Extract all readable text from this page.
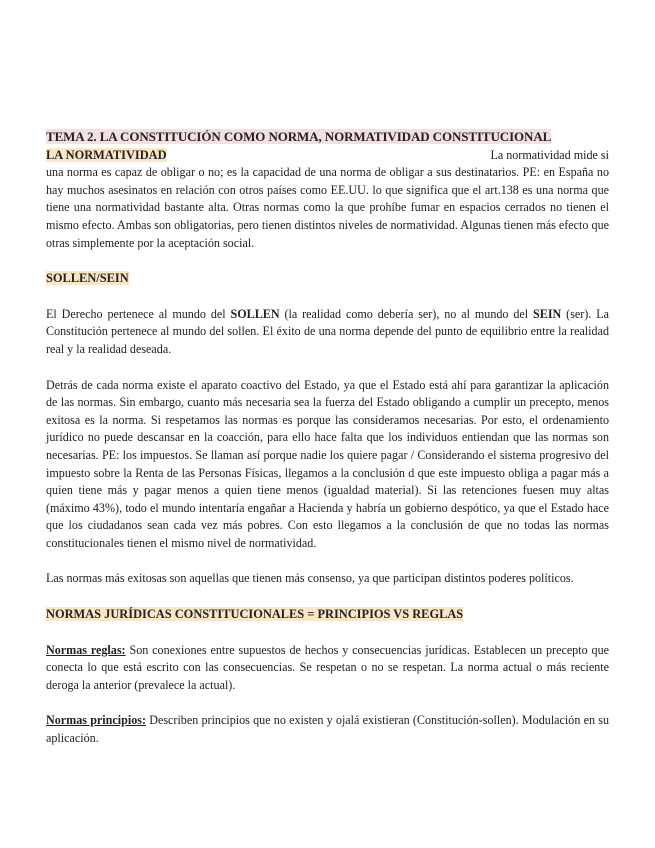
TEMA 2. LA CONSTITUCIÓN COMO NORMA, NORMATIVIDAD CONSTITUCIONAL

La normatividad mide si
LA NORMATIVIDAD
una norma es capaz de obligar o no; es la capacidad de una norma de obligar a sus destinatarios. PE: en España no hay muchos asesinatos en relación con otros países como EE.UU. lo que significa que el art.138 es una norma que tiene una normatividad bastante alta. Otras normas como la que prohíbe fumar en espacios cerrados no tienen el mismo efecto. Ambas son obligatorias, pero tienen distintos niveles de normatividad. Algunas tienen más efecto que otras simplemente por la aceptación social.

SOLLEN/SEIN

El Derecho pertenece al mundo del SOLLEN (la realidad como debería ser), no al mundo del SEIN (ser). La Constitución pertenece al mundo del sollen. El éxito de una norma depende del punto de equilibrio entre la realidad real y la realidad deseada.

Detrás de cada norma existe el aparato coactivo del Estado, ya que el Estado está ahí para garantizar la aplicación de las normas. Sin embargo, cuanto más necesaria sea la fuerza del Estado obligando a cumplir un precepto, menos exitosa es la norma. Si respetamos las normas es porque las consideramos necesarias. Por esto, el ordenamiento jurídico no puede descansar en la coacción, para ello hace falta que los individuos entiendan que las normas son necesarias. PE: los impuestos. Se llaman así porque nadie los quiere pagar / Considerando el sistema progresivo del impuesto sobre la Renta de las Personas Físicas, llegamos a la conclusión d que este impuesto obliga a pagar más a quien tiene más y pagar menos a quien tiene menos (igualdad material). Si las retenciones fuesen muy altas (máximo 43%), todo el mundo intentaría engañar a Hacienda y habría un gobierno despótico, ya que el Estado hace que los ciudadanos sean cada vez más pobres. Con esto llegamos a la conclusión de que no todas las normas constitucionales tienen el mismo nivel de normatividad.

Las normas más exitosas son aquellas que tienen más consenso, ya que participan distintos poderes políticos.

NORMAS JURÍDICAS CONSTITUCIONALES = PRINCIPIOS VS REGLAS

Normas reglas: Son conexiones entre supuestos de hechos y consecuencias jurídicas. Establecen un precepto que conecta lo que está escrito con las consecuencias. Se respetan o no se respetan. La norma actual o más reciente deroga la anterior (prevalece la actual).

Normas principios: Describen principios que no existen y ojalá existieran (Constitución-sollen). Modulación en su aplicación.
